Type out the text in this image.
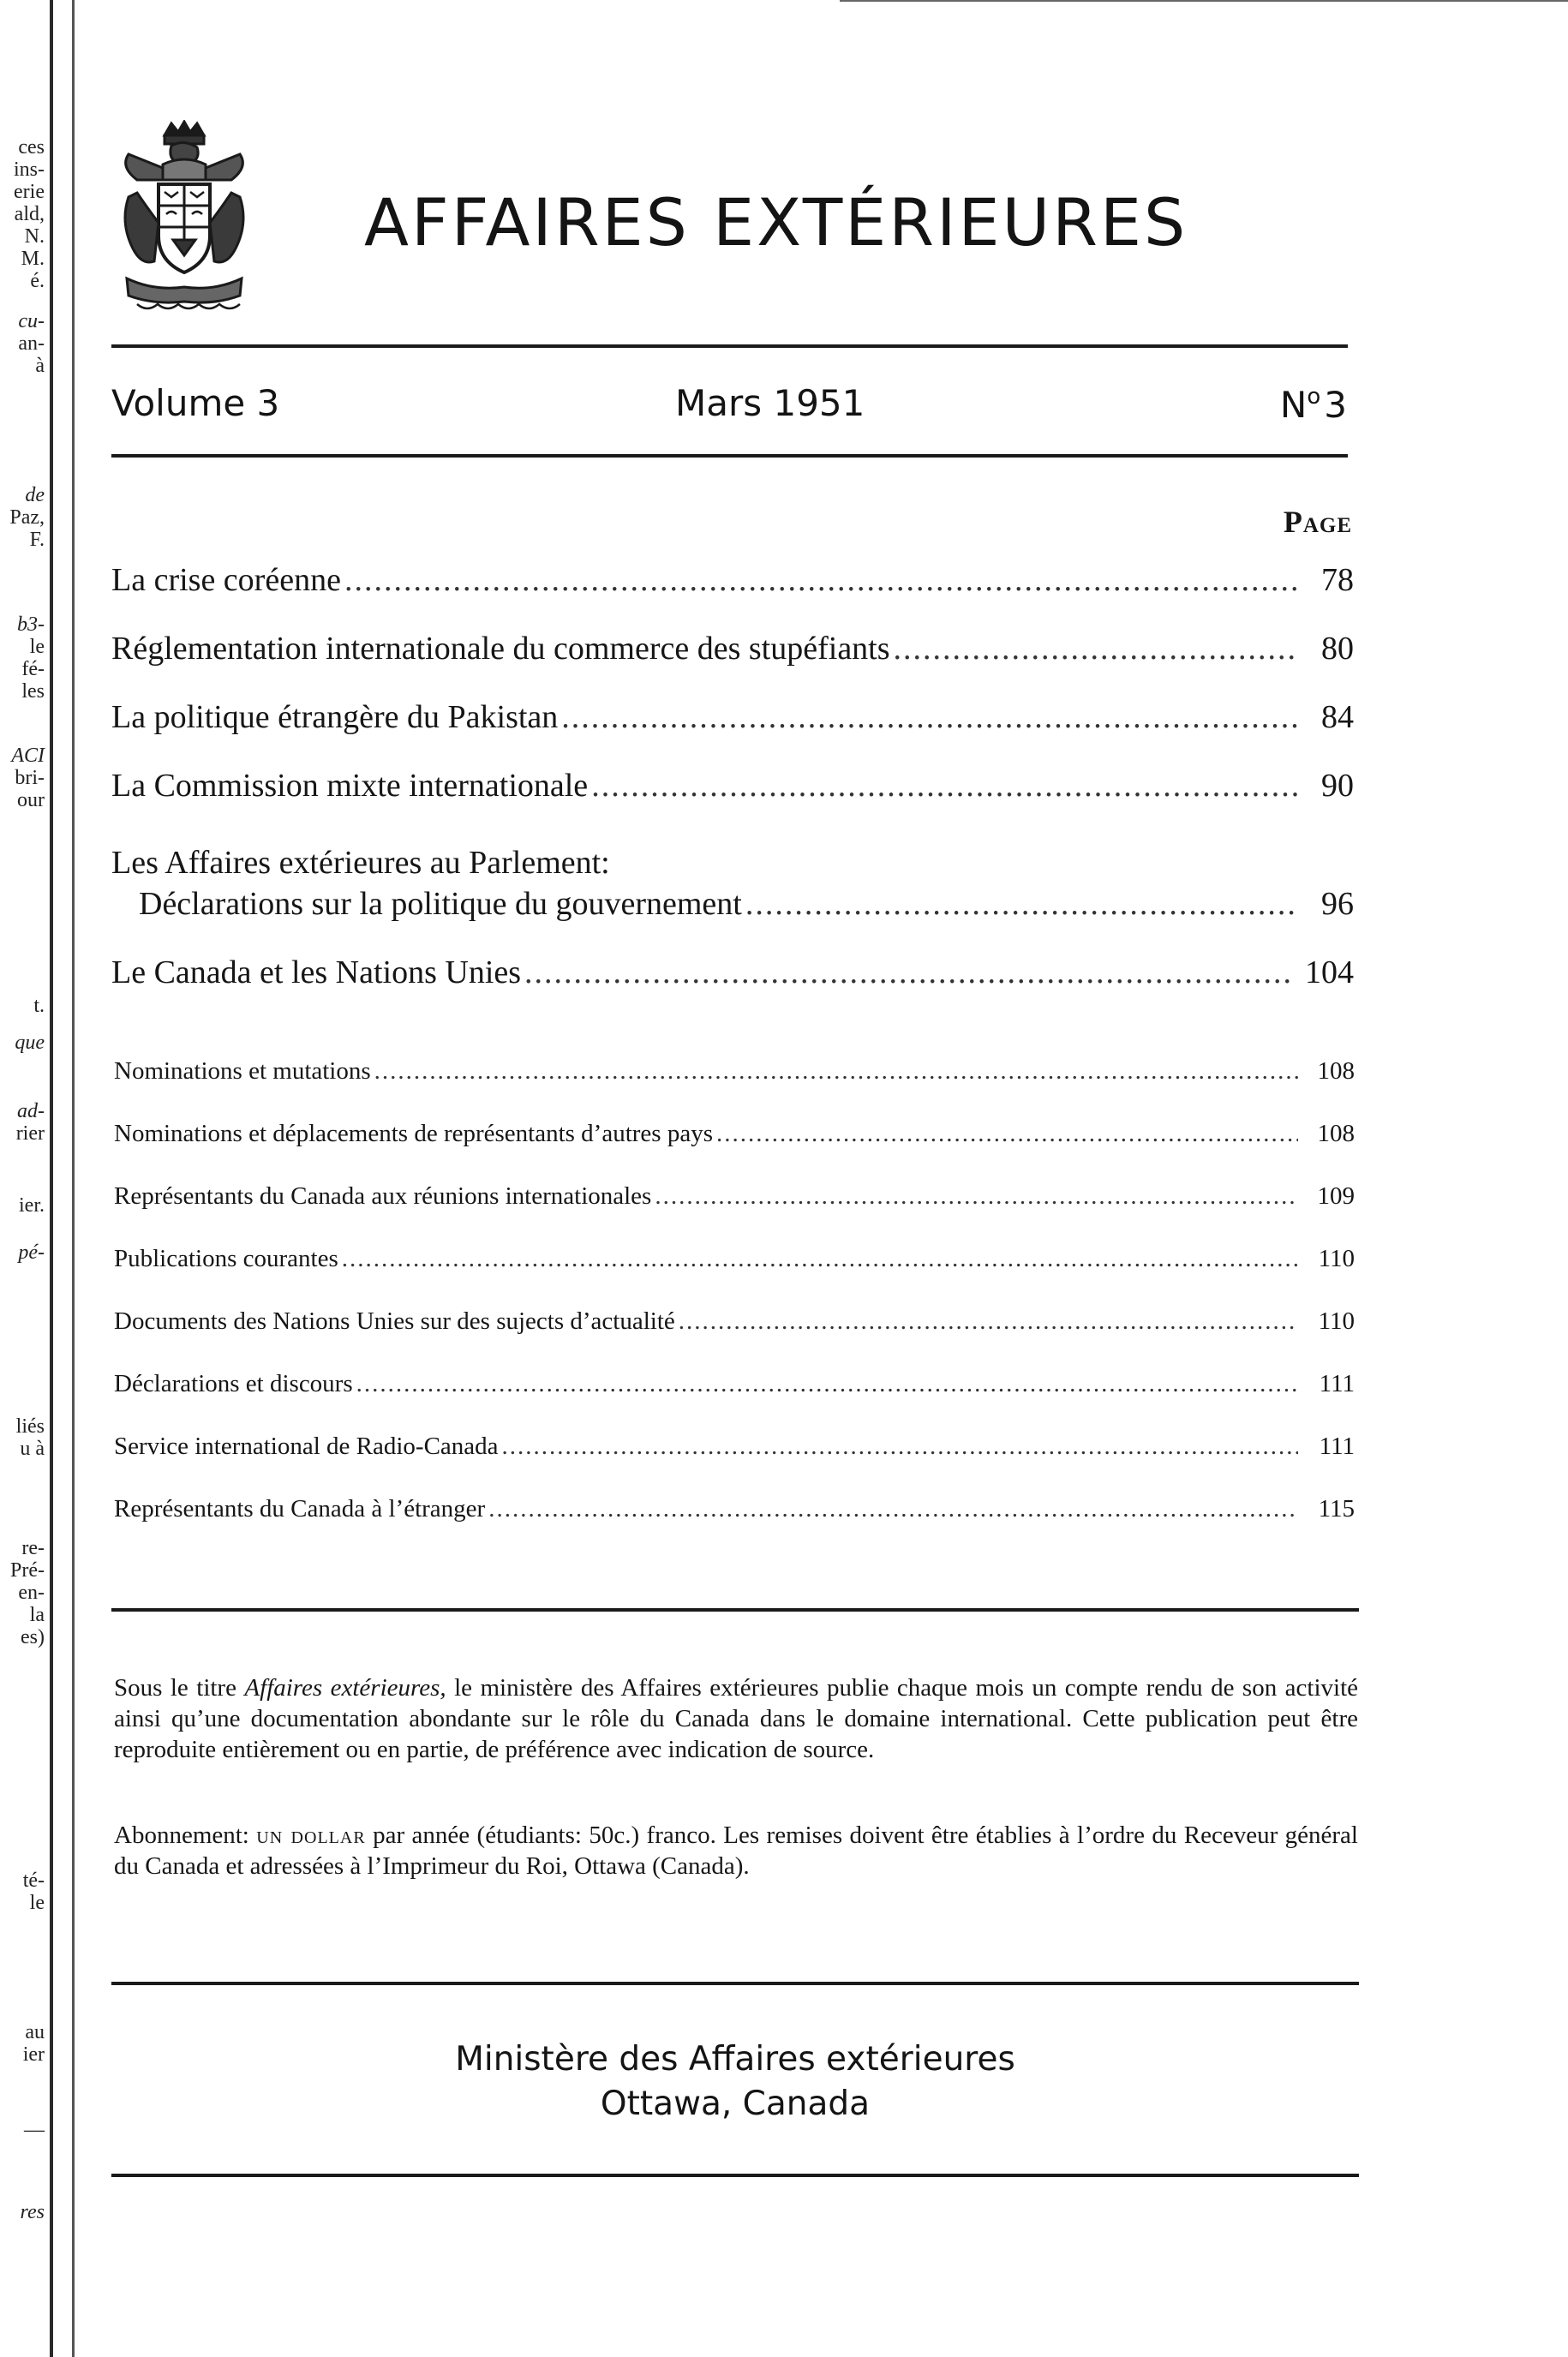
ces
ins-
erie
ald,
N.
M.
é.
cu-
an-
à
de
Paz,
F.
b3-
le
fé-
les
ACI
bri-
our
t.
que
ad-
rier
ier.
pé-
liés
u à
re-
Pré-
en-
la
es)
té-
le
au
ier
—
res
AFFAIRES EXTÉRIEURES

Volume 3	Mars 1951	$N^o3$

Page
La crise coréenne .....	78
Réglementation internationale du commerce des stupéfiants .....	80
La politique étrangère du Pakistan .....	84
La Commission mixte internationale .....	90
Les Affaires extérieures au Parlement:
Déclarations sur la politique du gouvernement .....	96
Le Canada et les Nations Unies .....	104
Nominations et mutations .....	108
Nominations et déplacements de représentants d’autres pays .....	108
Représentants du Canada aux réunions internationales .....	109
Publications courantes .....	110
Documents des Nations Unies sur des sujects d’actualité .....	110
Déclarations et discours .....	111
Service international de Radio-Canada .....	111
Représentants du Canada à l’étranger .....	115

Sous le titre Affaires extérieures, le ministère des Affaires extérieures publie chaque mois un compte rendu de son activité ainsi qu’une documentation abondante sur le rôle du Canada dans le domaine international. Cette publication peut être reproduite entièrement ou en partie, de préférence avec indication de source.

Abonnement: un dollar par année (étudiants: 50c.) franco. Les remises doivent être établies à l’ordre du Receveur général du Canada et adressées à l’Imprimeur du Roi, Ottawa (Canada).

Ministère des Affaires extérieures
Ottawa, Canada
